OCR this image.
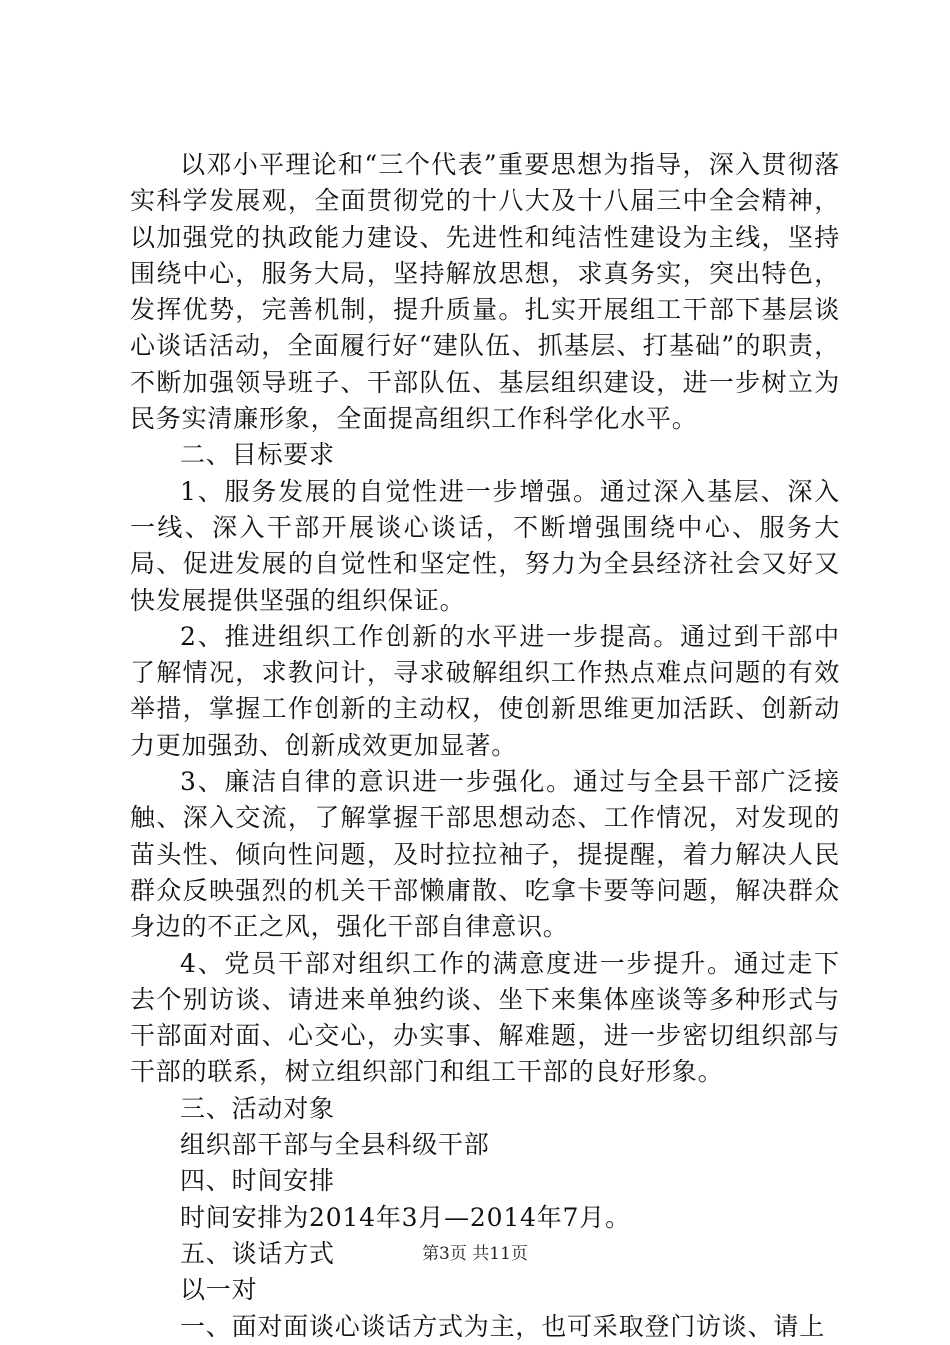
以邓小平理论和“三个代表”重要思想为指导，深入贯彻落实科学发展观，全面贯彻党的十八大及十八届三中全会精神，以加强党的执政能力建设、先进性和纯洁性建设为主线，坚持围绕中心，服务大局，坚持解放思想，求真务实，突出特色，发挥优势，完善机制，提升质量。扎实开展组工干部下基层谈心谈话活动，全面履行好“建队伍、抓基层、打基础”的职责，不断加强领导班子、干部队伍、基层组织建设，进一步树立为民务实清廉形象，全面提高组织工作科学化水平。

二、目标要求

1、服务发展的自觉性进一步增强。通过深入基层、深入一线、深入干部开展谈心谈话，不断增强围绕中心、服务大局、促进发展的自觉性和坚定性，努力为全县经济社会又好又快发展提供坚强的组织保证。

2、推进组织工作创新的水平进一步提高。通过到干部中了解情况，求教问计，寻求破解组织工作热点难点问题的有效举措，掌握工作创新的主动权，使创新思维更加活跃、创新动力更加强劲、创新成效更加显著。

3、廉洁自律的意识进一步强化。通过与全县干部广泛接触、深入交流，了解掌握干部思想动态、工作情况，对发现的苗头性、倾向性问题，及时拉拉袖子，提提醒，着力解决人民群众反映强烈的机关干部懒庸散、吃拿卡要等问题，解决群众身边的不正之风，强化干部自律意识。

4、党员干部对组织工作的满意度进一步提升。通过走下去个别访谈、请进来单独约谈、坐下来集体座谈等多种形式与干部面对面、心交心，办实事、解难题，进一步密切组织部与干部的联系，树立组织部门和组工干部的良好形象。

三、活动对象

组织部干部与全县科级干部

四、时间安排

时间安排为2014年3月—2014年7月。

五、谈话方式

以一对

一、面对面谈心谈话方式为主，也可采取登门访谈、请上

第3页 共11页
